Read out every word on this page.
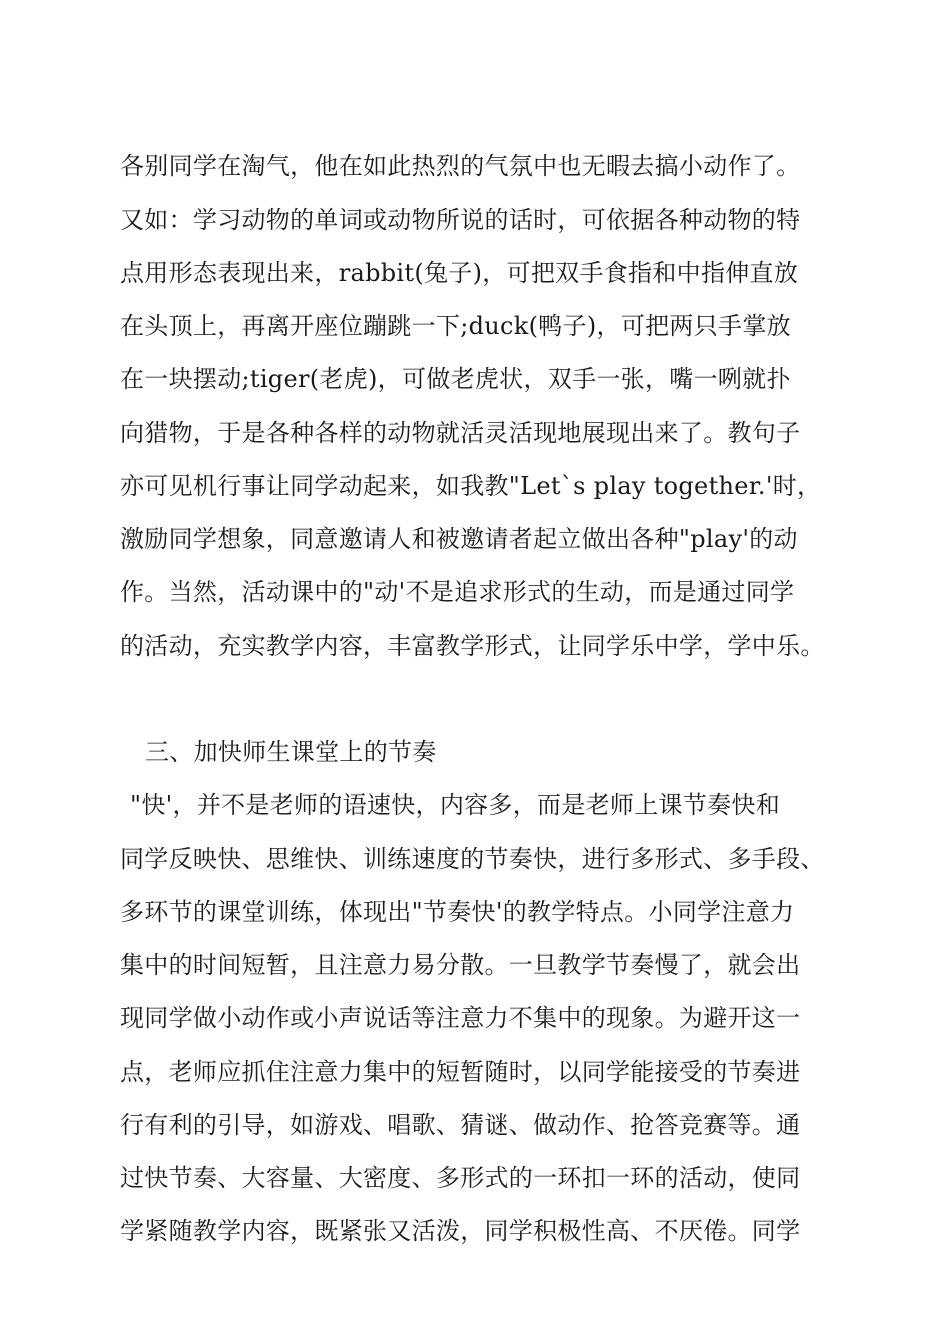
各别同学在淘气，他在如此热烈的气氛中也无暇去搞小动作了。
又如：学习动物的单词或动物所说的话时，可依据各种动物的特
点用形态表现出来，rabbit(兔子)，可把双手食指和中指伸直放
在头顶上，再离开座位蹦跳一下;duck(鸭子)，可把两只手掌放
在一块摆动;tiger(老虎)，可做老虎状，双手一张，嘴一咧就扑
向猎物，于是各种各样的动物就活灵活现地展现出来了。教句子
亦可见机行事让同学动起来，如我教"Let`s play together.'时，
激励同学想象，同意邀请人和被邀请者起立做出各种"play'的动
作。当然，活动课中的"动'不是追求形式的生动，而是通过同学
的活动，充实教学内容，丰富教学形式，让同学乐中学，学中乐。
三、加快师生课堂上的节奏
"快'，并不是老师的语速快，内容多，而是老师上课节奏快和
同学反映快、思维快、训练速度的节奏快，进行多形式、多手段、
多环节的课堂训练，体现出"节奏快'的教学特点。小同学注意力
集中的时间短暂，且注意力易分散。一旦教学节奏慢了，就会出
现同学做小动作或小声说话等注意力不集中的现象。为避开这一
点，老师应抓住注意力集中的短暂随时，以同学能接受的节奏进
行有利的引导，如游戏、唱歌、猜谜、做动作、抢答竞赛等。通
过快节奏、大容量、大密度、多形式的一环扣一环的活动，使同
学紧随教学内容，既紧张又活泼，同学积极性高、不厌倦。同学
